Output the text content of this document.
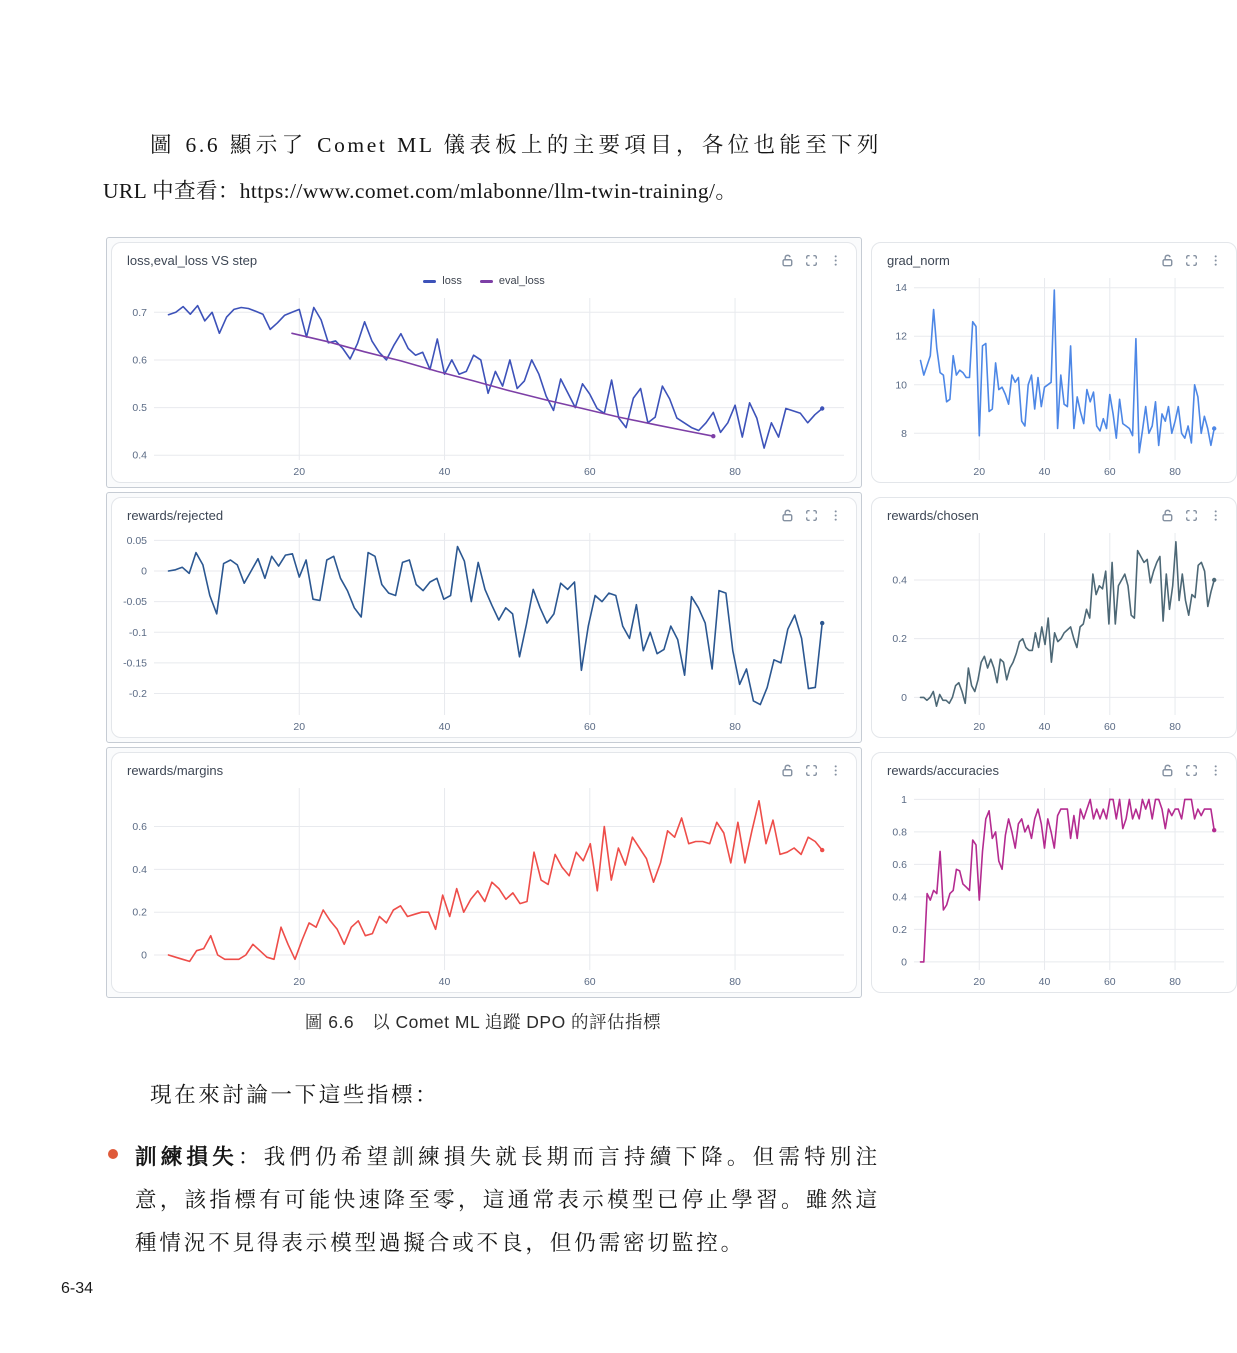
圖 6.6 顯示了 Comet ML 儀表板上的主要項目，各位也能至下列
URL 中查看：https://www.comet.com/mlabonne/llm-twin-training/。
loss,eval_loss VS step
loss	eval_loss
20	40	60	80
0.4
0.5
0.6
0.7
grad_norm
20	40	60	80
8
10
12
14
rewards/rejected
20	40	60	80
0.05
0
-0.05
-0.1
-0.15
-0.2
rewards/chosen
20	40	60	80
0
0.2
0.4
rewards/margins
20	40	60	80
0
0.2
0.4
0.6
rewards/accuracies
20	40	60	80
0
0.2
0.4
0.6
0.8
1
圖 6.6　以 Comet ML 追蹤 DPO 的評估指標
現在來討論一下這些指標：

訓練損失：我們仍希望訓練損失就長期而言持續下降。但需特別注意，該指標有可能快速降至零，這通常表示模型已停止學習。雖然這種情況不見得表示模型過擬合或不良，但仍需密切監控。

6-34
